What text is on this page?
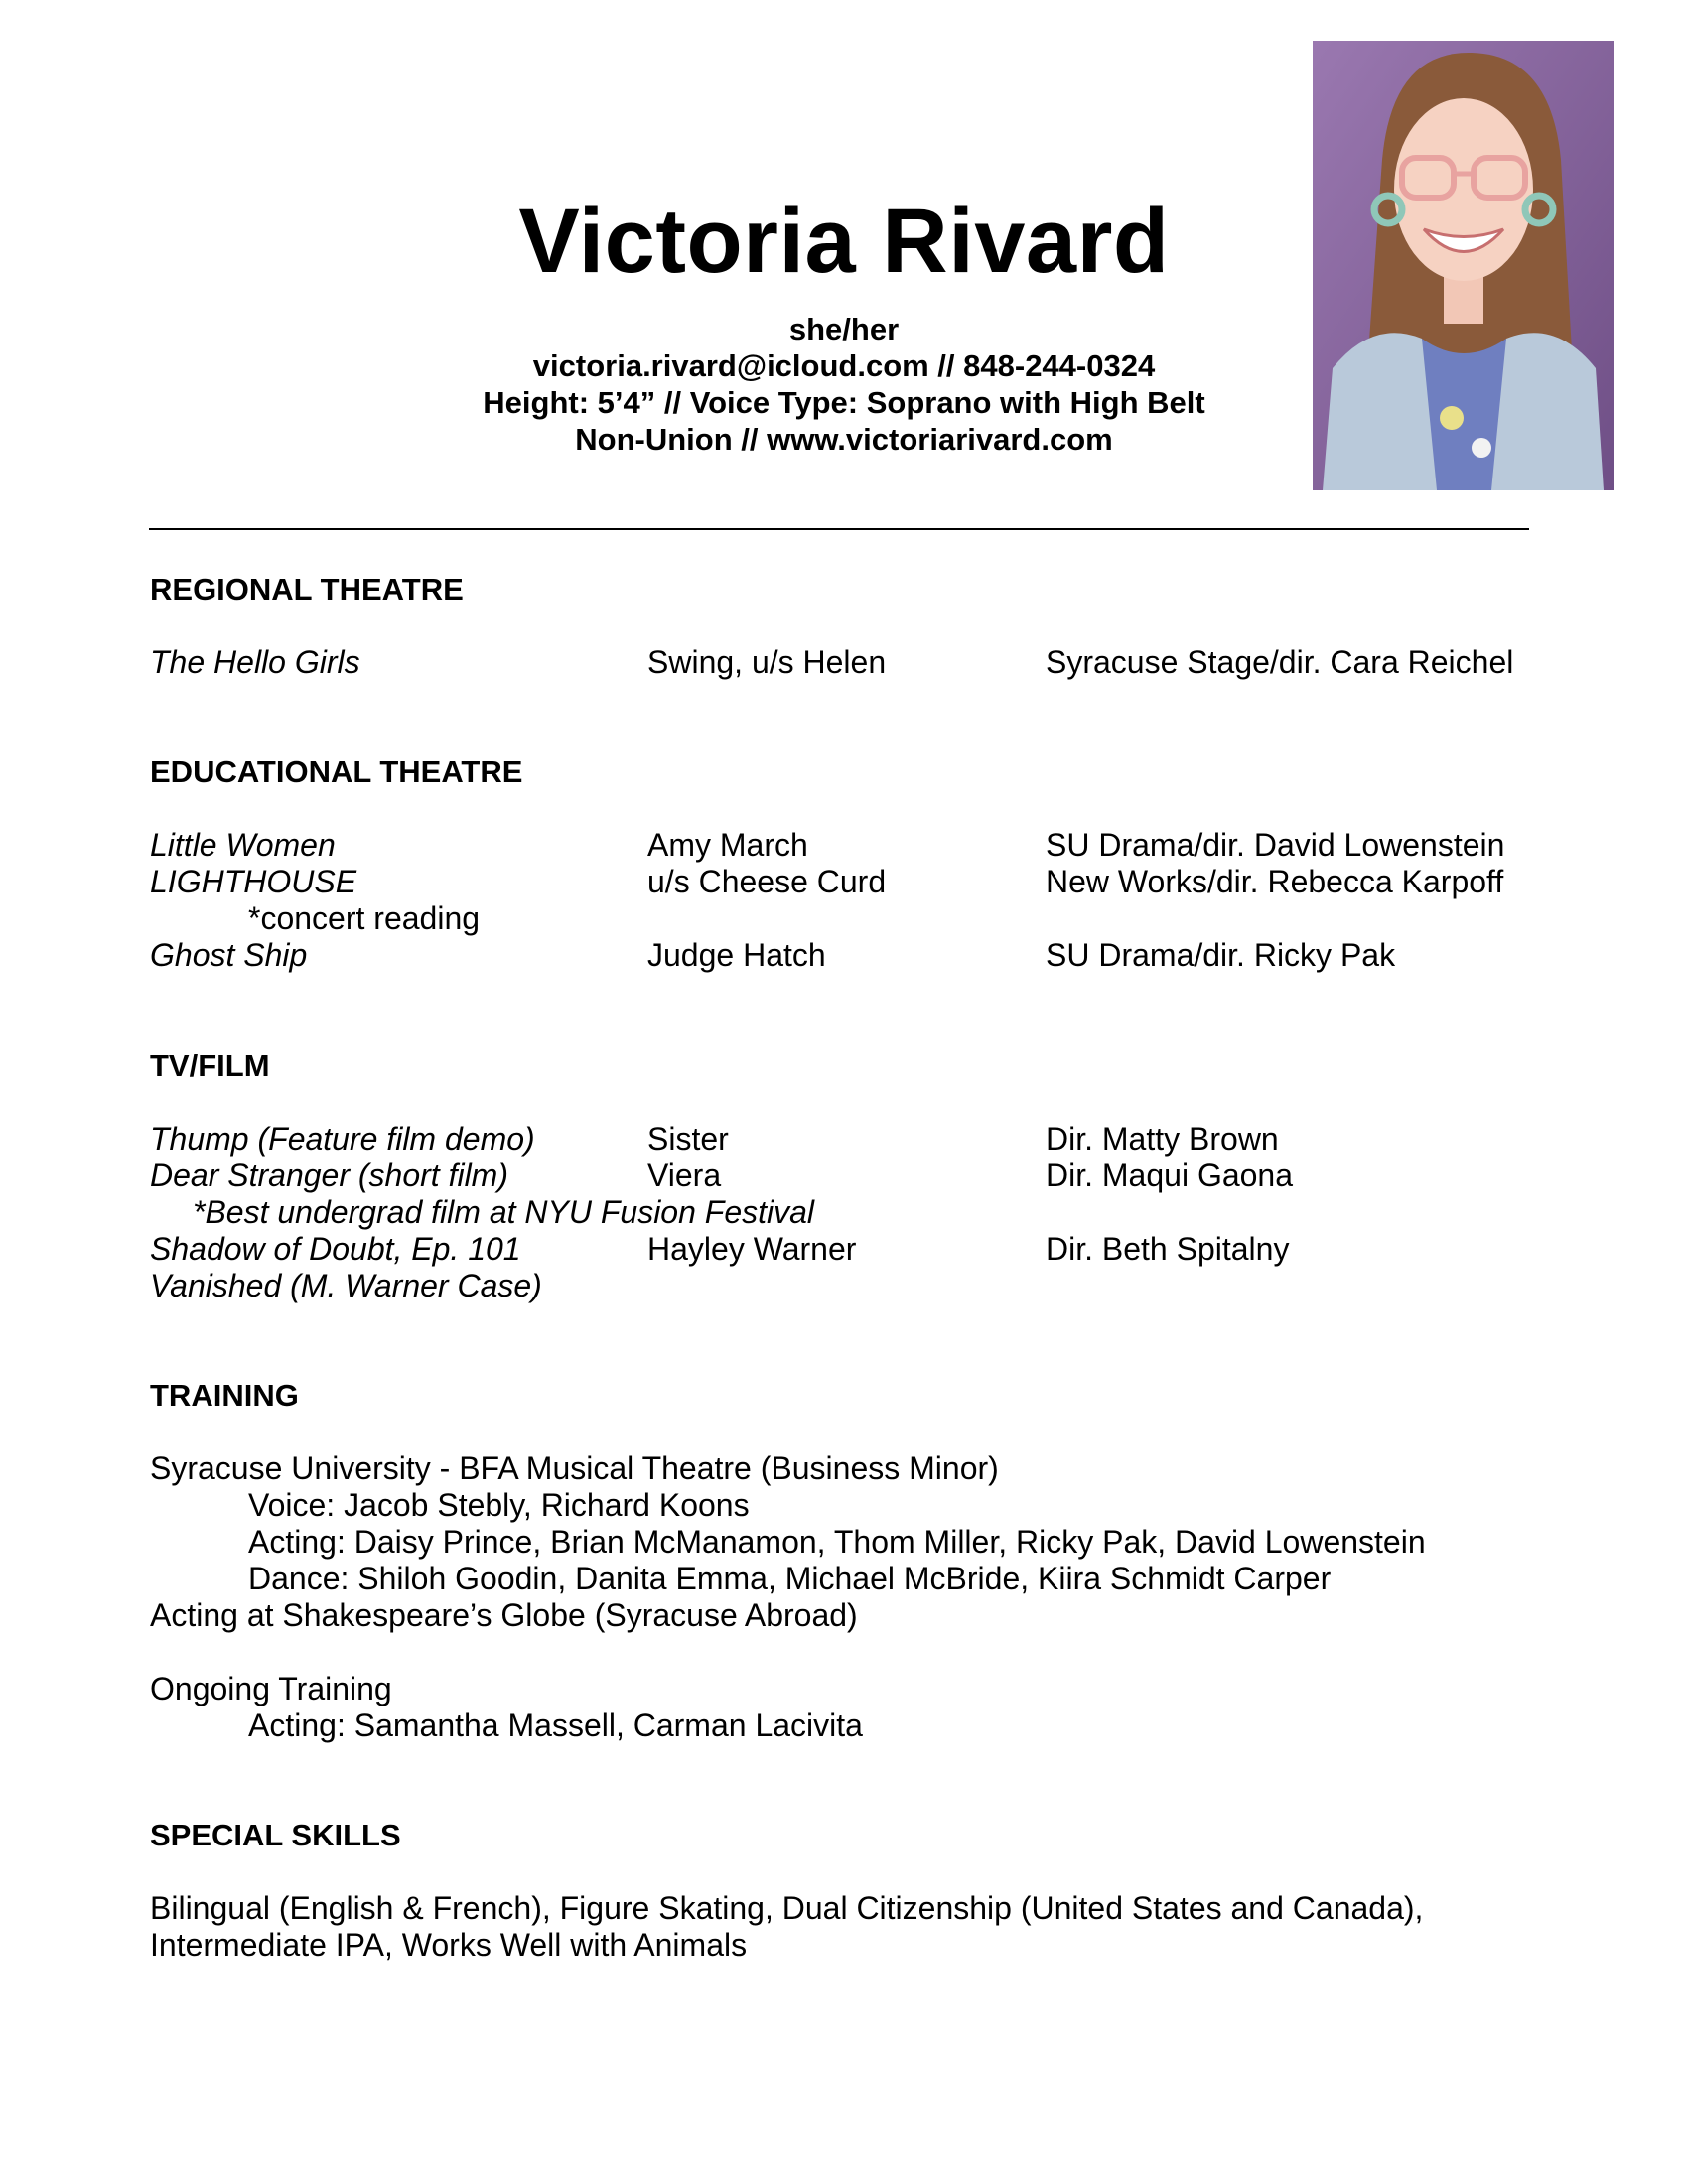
Victoria Rivard
she/her
victoria.rivard@icloud.com // 848-244-0324
Height: 5’4” // Voice Type: Soprano with High Belt
Non-Union // www.victoriarivard.com
REGIONAL THEATRE
The Hello Girls	Swing, u/s Helen	Syracuse Stage/dir. Cara Reichel
EDUCATIONAL THEATRE
Little Women	Amy March	SU Drama/dir. David Lowenstein
LIGHTHOUSE	u/s Cheese Curd	New Works/dir. Rebecca Karpoff
*concert reading
Ghost Ship	Judge Hatch	SU Drama/dir. Ricky Pak
TV/FILM
Thump (Feature film demo)	Sister	Dir. Matty Brown
Dear Stranger (short film)	Viera	Dir. Maqui Gaona
*Best undergrad film at NYU Fusion Festival
Shadow of Doubt, Ep. 101	Hayley Warner	Dir. Beth Spitalny
Vanished (M. Warner Case)
TRAINING
Syracuse University - BFA Musical Theatre (Business Minor)
Voice: Jacob Stebly, Richard Koons
Acting: Daisy Prince, Brian McManamon, Thom Miller, Ricky Pak, David Lowenstein
Dance: Shiloh Goodin, Danita Emma, Michael McBride, Kiira Schmidt Carper
Acting at Shakespeare’s Globe (Syracuse Abroad)
Ongoing Training
Acting: Samantha Massell, Carman Lacivita
SPECIAL SKILLS
Bilingual (English & French), Figure Skating, Dual Citizenship (United States and Canada),
Intermediate IPA, Works Well with Animals
